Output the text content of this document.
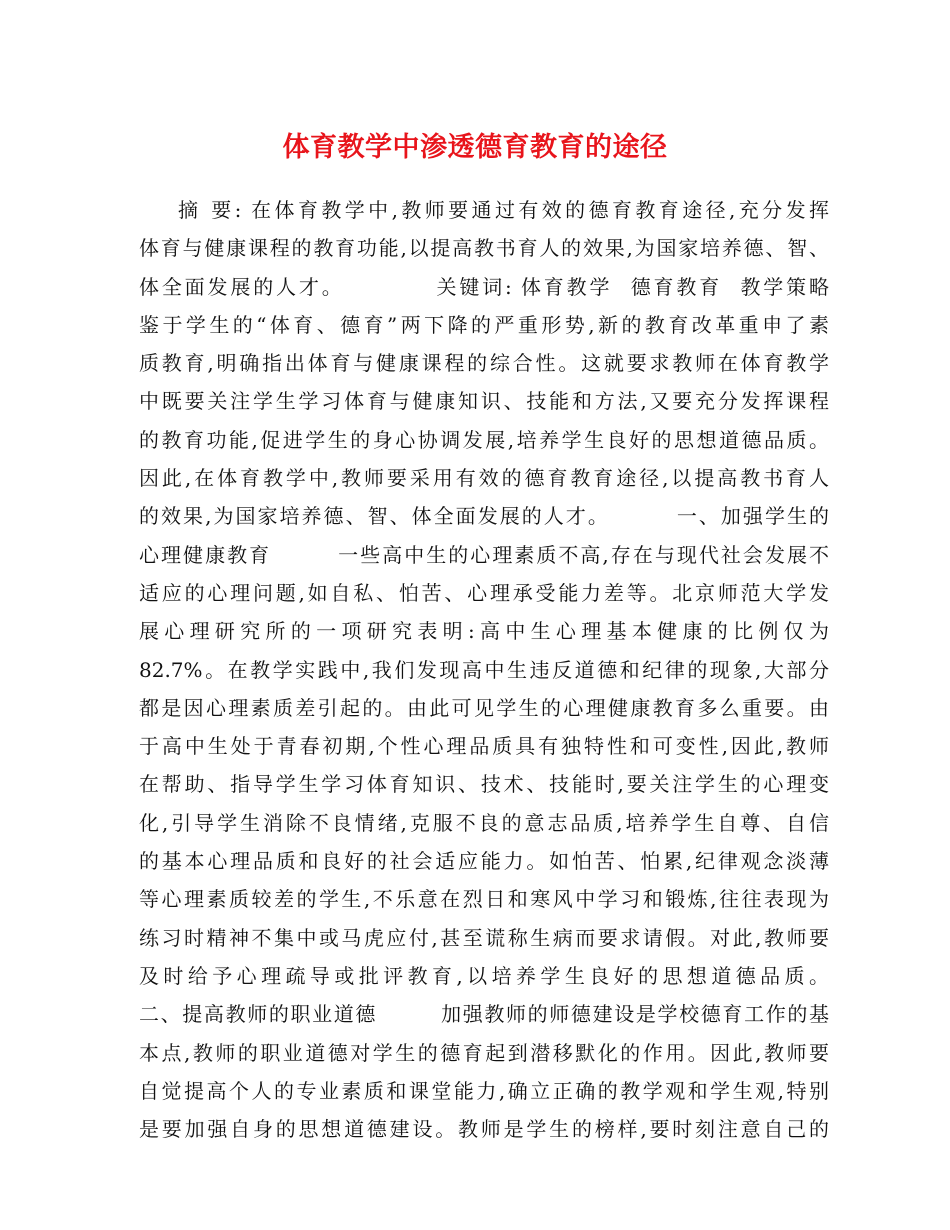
体育教学中渗透德育教育的途径
摘 要: 在体育教学中,教师要通过有效的德育教育途径,充分发挥
体育与健康课程的教育功能,以提高教书育人的效果,为国家培养德、智、
体全面发展的人才。          关键词: 体育教学  德育教育  教学策略
鉴于学生的“体育、德育”两下降的严重形势,新的教育改革重申了素
质教育,明确指出体育与健康课程的综合性。这就要求教师在体育教学
中既要关注学生学习体育与健康知识、技能和方法,又要充分发挥课程
的教育功能,促进学生的身心协调发展,培养学生良好的思想道德品质。
因此,在体育教学中,教师要采用有效的德育教育途径,以提高教书育人
的效果,为国家培养德、智、体全面发展的人才。        一、加强学生的
心理健康教育        一些高中生的心理素质不高,存在与现代社会发展不
适应的心理问题,如自私、怕苦、心理承受能力差等。北京师范大学发
展心理研究所的一项研究表明:高中生心理基本健康的比例仅为
82.7%。在教学实践中,我们发现高中生违反道德和纪律的现象,大部分
都是因心理素质差引起的。由此可见学生的心理健康教育多么重要。由
于高中生处于青春初期,个性心理品质具有独特性和可变性,因此,教师
在帮助、指导学生学习体育知识、技术、技能时,要关注学生的心理变
化,引导学生消除不良情绪,克服不良的意志品质,培养学生自尊、自信
的基本心理品质和良好的社会适应能力。如怕苦、怕累,纪律观念淡薄
等心理素质较差的学生,不乐意在烈日和寒风中学习和锻炼,往往表现为
练习时精神不集中或马虎应付,甚至谎称生病而要求请假。对此,教师要
及时给予心理疏导或批评教育,以培养学生良好的思想道德品质。
二、提高教师的职业道德        加强教师的师德建设是学校德育工作的基
本点,教师的职业道德对学生的德育起到潜移默化的作用。因此,教师要
自觉提高个人的专业素质和课堂能力,确立正确的教学观和学生观,特别
是要加强自身的思想道德建设。教师是学生的榜样,要时刻注意自己的
